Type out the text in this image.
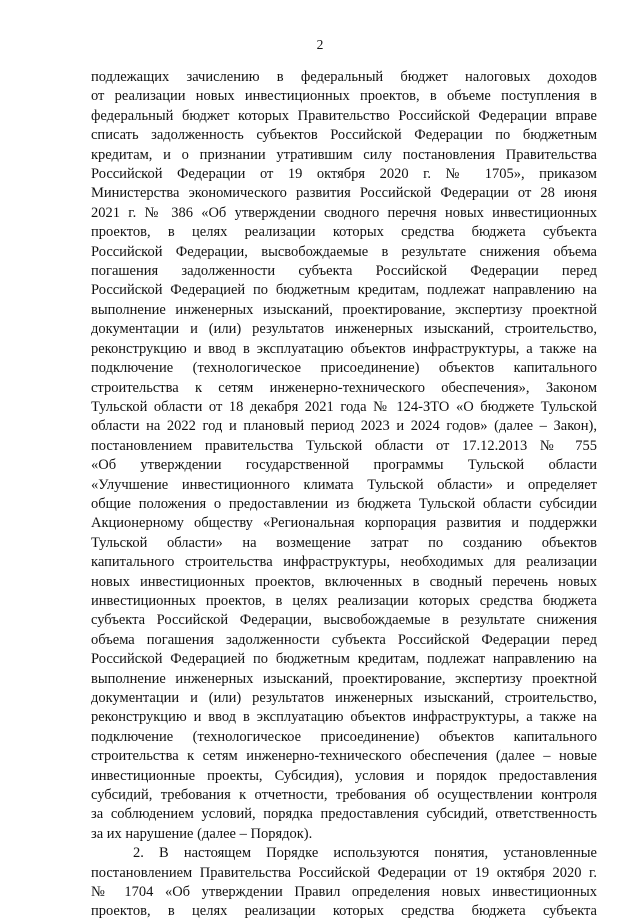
2

подлежащих зачислению в федеральный бюджет налоговых доходов

от реализации новых инвестиционных проектов, в объеме поступления в

федеральный бюджет которых Правительство Российской Федерации вправе

списать задолженность субъектов Российской Федерации по бюджетным

кредитам, и о признании утратившим силу постановления Правительства

Российской Федерации от 19 октября 2020 г. № 1705», приказом

Министерства экономического развития Российской Федерации от 28 июня

2021 г. № 386 «Об утверждении сводного перечня новых инвестиционных

проектов, в целях реализации которых средства бюджета субъекта

Российской Федерации, высвобождаемые в результате снижения объема

погашения задолженности субъекта Российской Федерации перед

Российской Федерацией по бюджетным кредитам, подлежат направлению на

выполнение инженерных изысканий, проектирование, экспертизу проектной

документации и (или) результатов инженерных изысканий, строительство,

реконструкцию и ввод в эксплуатацию объектов инфраструктуры, а также на

подключение (технологическое присоединение) объектов капитального

строительства к сетям инженерно-технического обеспечения», Законом

Тульской области от 18 декабря 2021 года № 124-ЗТО «О бюджете Тульской

области на 2022 год и плановый период 2023 и 2024 годов» (далее – Закон),

постановлением правительства Тульской области от 17.12.2013 № 755

«Об утверждении государственной программы Тульской области

«Улучшение инвестиционного климата Тульской области» и определяет

общие положения о предоставлении из бюджета Тульской области субсидии

Акционерному обществу «Региональная корпорация развития и поддержки

Тульской области» на возмещение затрат по созданию объектов

капитального строительства инфраструктуры, необходимых для реализации

новых инвестиционных проектов, включенных в сводный перечень новых

инвестиционных проектов, в целях реализации которых средства бюджета

субъекта Российской Федерации, высвобождаемые в результате снижения

объема погашения задолженности субъекта Российской Федерации перед

Российской Федерацией по бюджетным кредитам, подлежат направлению на

выполнение инженерных изысканий, проектирование, экспертизу проектной

документации и (или) результатов инженерных изысканий, строительство,

реконструкцию и ввод в эксплуатацию объектов инфраструктуры, а также на

подключение (технологическое присоединение) объектов капитального

строительства к сетям инженерно-технического обеспечения (далее – новые

инвестиционные проекты, Субсидия), условия и порядок предоставления

субсидий, требования к отчетности, требования об осуществлении контроля

за соблюдением условий, порядка предоставления субсидий, ответственность

за их нарушение (далее – Порядок).

2. В настоящем Порядке используются понятия, установленные

постановлением Правительства Российской Федерации от 19 октября 2020 г.

№ 1704 «Об утверждении Правил определения новых инвестиционных

проектов, в целях реализации которых средства бюджета субъекта
